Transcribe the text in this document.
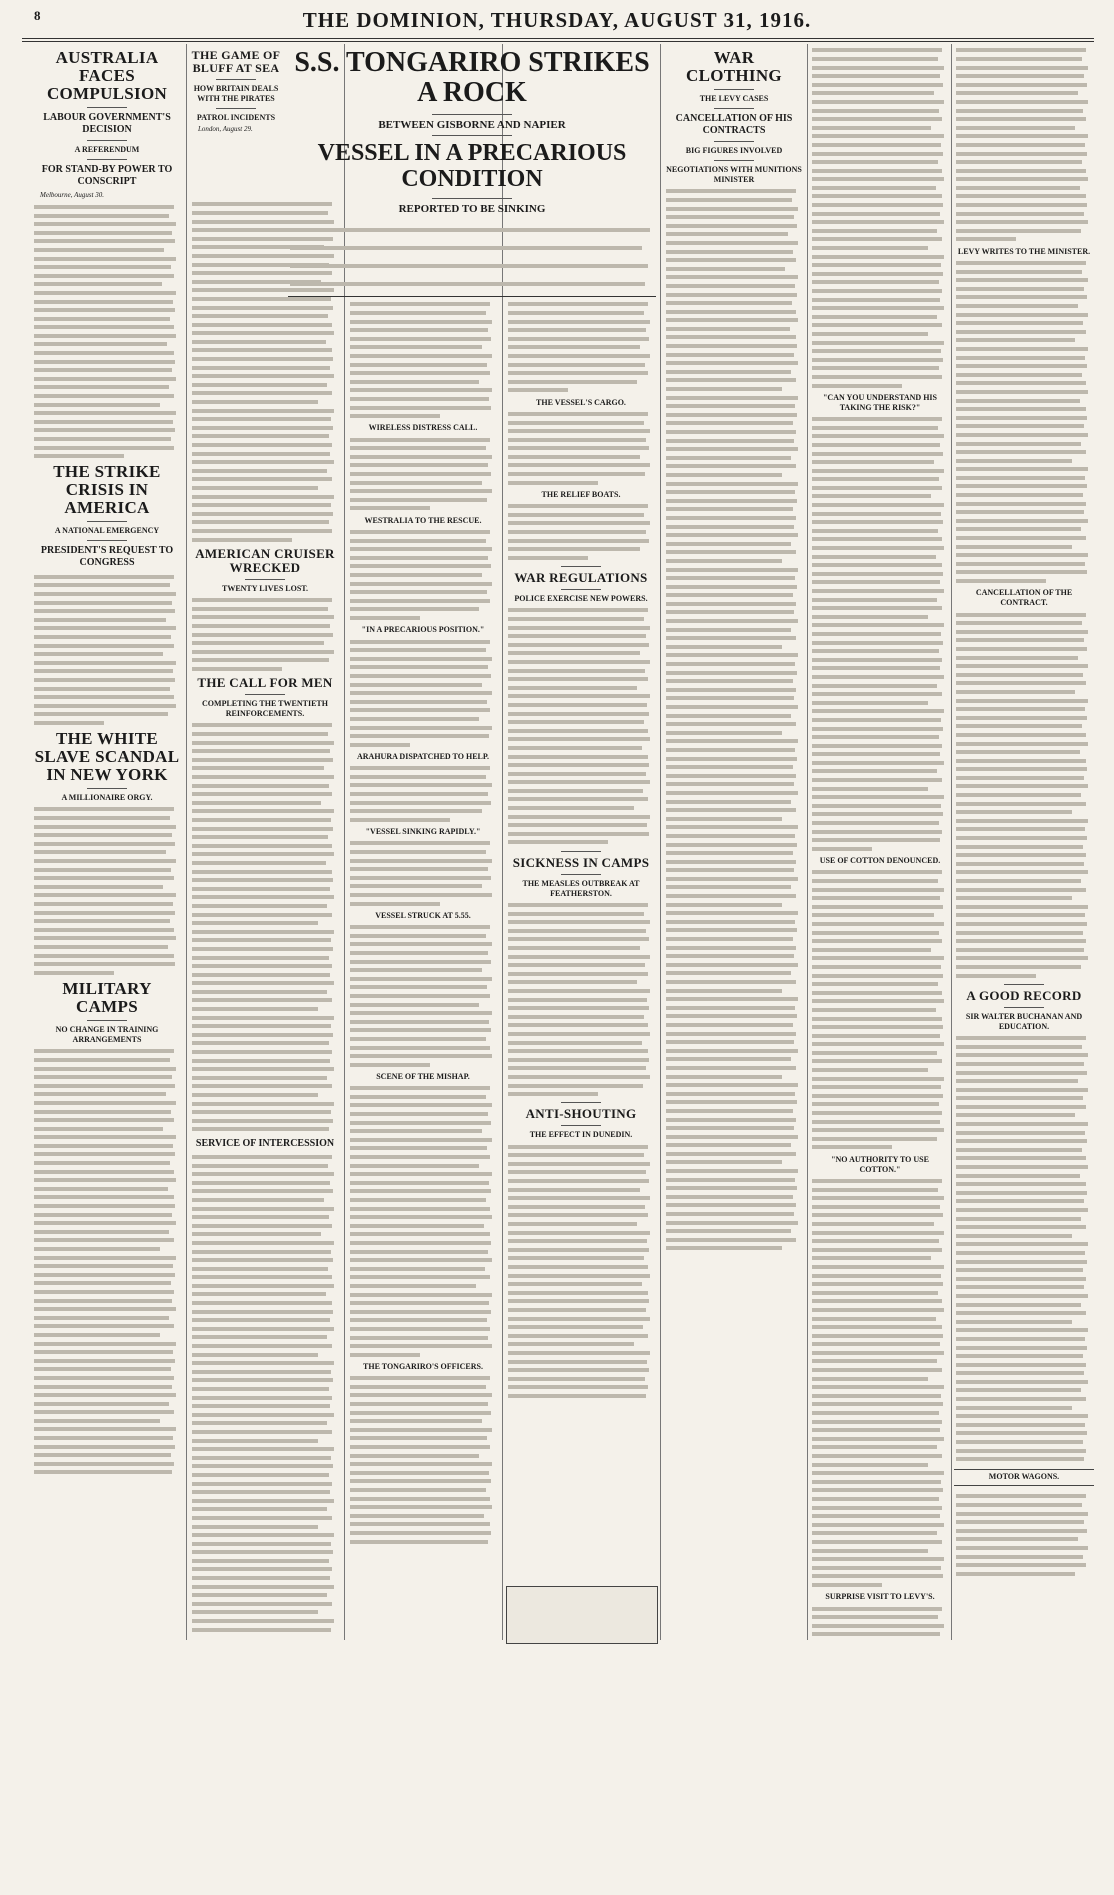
8	THE DOMINION, THURSDAY, AUGUST 31, 1916.
AUSTRALIA FACES COMPULSION
LABOUR GOVERNMENT'S DECISION
A REFERENDUM
FOR STAND-BY POWER TO CONSCRIPT

Melbourne, August 30.

THE STRIKE CRISIS IN AMERICA
A NATIONAL EMERGENCY
PRESIDENT'S REQUEST TO CONGRESS
THE WHITE SLAVE SCANDAL IN NEW YORK
A MILLIONAIRE ORGY.
MILITARY CAMPS
NO CHANGE IN TRAINING ARRANGEMENTS
THE GAME OF BLUFF AT SEA
HOW BRITAIN DEALS WITH THE PIRATES
PATROL INCIDENTS

London, August 29.

AMERICAN CRUISER WRECKED
TWENTY LIVES LOST.
THE CALL FOR MEN
COMPLETING THE TWENTIETH REINFORCEMENTS.
SERVICE OF INTERCESSION
S.S. TONGARIRO STRIKES A ROCK
BETWEEN GISBORNE AND NAPIER
VESSEL IN A PRECARIOUS CONDITION
REPORTED TO BE SINKING
WIRELESS DISTRESS CALL.
WESTRALIA TO THE RESCUE.
"IN A PRECARIOUS POSITION."
ARAHURA DISPATCHED TO HELP.
"VESSEL SINKING RAPIDLY."
VESSEL STRUCK AT 5.55.
SCENE OF THE MISHAP.
THE TONGARIRO'S OFFICERS.
THE VESSEL'S CARGO.
THE RELIEF BOATS.
WAR REGULATIONS
POLICE EXERCISE NEW POWERS.
SICKNESS IN CAMPS
THE MEASLES OUTBREAK AT FEATHERSTON.
ANTI-SHOUTING
THE EFFECT IN DUNEDIN.
WAR CLOTHING
THE LEVY CASES
CANCELLATION OF HIS CONTRACTS
BIG FIGURES INVOLVED
NEGOTIATIONS WITH MUNITIONS MINISTER
"CAN YOU UNDERSTAND HIS TAKING THE RISK?"
USE OF COTTON DENOUNCED.
"NO AUTHORITY TO USE COTTON."
SURPRISE VISIT TO LEVY'S.
LEVY WRITES TO THE MINISTER.
CANCELLATION OF THE CONTRACT.
A GOOD RECORD
SIR WALTER BUCHANAN AND EDUCATION.
MOTOR WAGONS.
